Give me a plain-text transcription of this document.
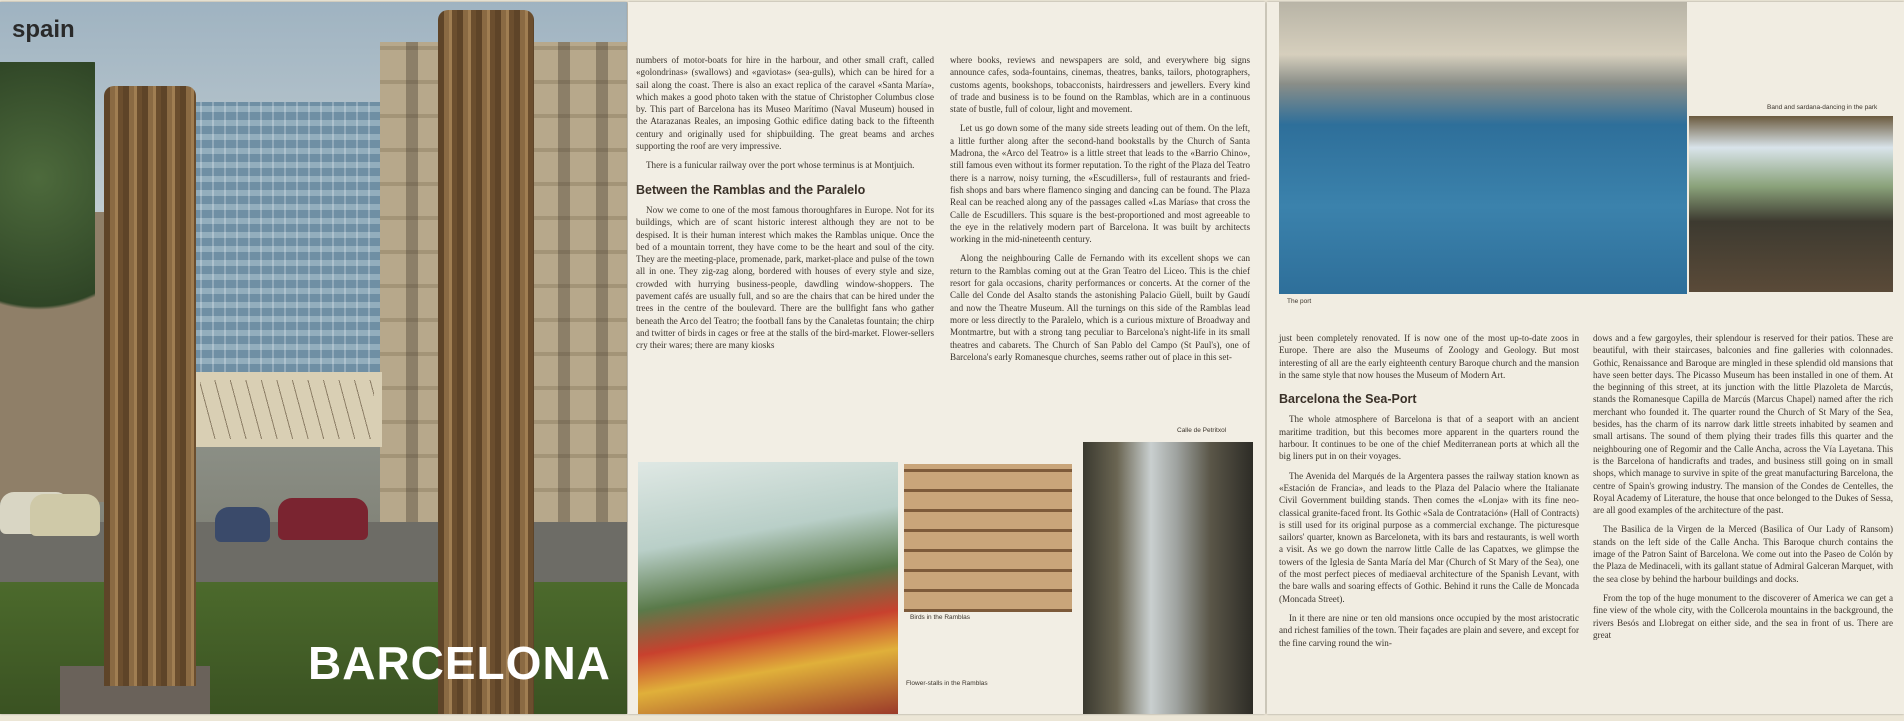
spain
BARCELONA

numbers of motor-boats for hire in the harbour, and other small craft, called «golondrinas» (swallows) and «gaviotas» (sea-gulls), which can be hired for a sail along the coast. There is also an exact replica of the caravel «Santa María», which makes a good photo taken with the statue of Christopher Columbus close by. This part of Barcelona has its Museo Marítimo (Naval Museum) housed in the Atarazanas Reales, an imposing Gothic edifice dating back to the fifteenth century and originally used for shipbuilding. The great beams and arches supporting the roof are very impressive.

There is a funicular railway over the port whose terminus is at Montjuich.

Between the Ramblas and the Paralelo

Now we come to one of the most famous thoroughfares in Europe. Not for its buildings, which are of scant historic interest although they are not to be despised. It is their human interest which makes the Ramblas unique. Once the bed of a mountain torrent, they have come to be the heart and soul of the city. They are the meeting-place, promenade, park, market-place and pulse of the town all in one. They zig-zag along, bordered with houses of every style and size, crowded with hurrying business-people, dawdling window-shoppers. The pavement cafés are usually full, and so are the chairs that can be hired under the trees in the centre of the boulevard. There are the bullfight fans who gather beneath the Arco del Teatro; the football fans by the Canaletas fountain; the chirp and twitter of birds in cages or free at the stalls of the bird-market. Flower-sellers cry their wares; there are many kiosks

where books, reviews and newspapers are sold, and everywhere big signs announce cafes, soda-fountains, cinemas, theatres, banks, tailors, photographers, customs agents, bookshops, tobacconists, hairdressers and jewellers. Every kind of trade and business is to be found on the Ramblas, which are in a continuous state of bustle, full of colour, light and movement.

Let us go down some of the many side streets leading out of them. On the left, a little further along after the second-hand bookstalls by the Church of Santa Madrona, the «Arco del Teatro» is a little street that leads to the «Barrio Chino», still famous even without its former reputation. To the right of the Plaza del Teatro there is a narrow, noisy turning, the «Escudillers», full of restaurants and fried-fish shops and bars where flamenco singing and dancing can be found. The Plaza Real can be reached along any of the passages called «Las Marías» that cross the Calle de Escudillers. This square is the best-proportioned and most agreeable to the eye in the relatively modern part of Barcelona. It was built by architects working in the mid-nineteenth century.

Along the neighbouring Calle de Fernando with its excellent shops we can return to the Ramblas coming out at the Gran Teatro del Liceo. This is the chief resort for gala occasions, charity performances or concerts. At the corner of the Calle del Conde del Asalto stands the astonishing Palacio Güell, built by Gaudí and now the Theatre Museum. All the turnings on this side of the Ramblas lead more or less directly to the Paralelo, which is a curious mixture of Broadway and Montmartre, but with a strong tang peculiar to Barcelona's night-life in its small theatres and cabarets. The Church of San Pablo del Campo (St Paul's), one of Barcelona's early Romanesque churches, seems rather out of place in this set-

Calle de Petritxol
Birds in the Ramblas
Flower-stalls in the Ramblas
The port
Band and sardana-dancing in the park

just been completely renovated. If is now one of the most up-to-date zoos in Europe. There are also the Museums of Zoology and Geology. But most interesting of all are the early eighteenth century Baroque church and the mansion in the same style that now houses the Museum of Modern Art.

Barcelona the Sea-Port

The whole atmosphere of Barcelona is that of a seaport with an ancient maritime tradition, but this becomes more apparent in the quarters round the harbour. It continues to be one of the chief Mediterranean ports at which all the big liners put in on their voyages.

The Avenida del Marqués de la Argentera passes the railway station known as «Estación de Francia», and leads to the Plaza del Palacio where the Italianate Civil Government building stands. Then comes the «Lonja» with its fine neo-classical granite-faced front. Its Gothic «Sala de Contratación» (Hall of Contracts) is still used for its original purpose as a commercial exchange. The picturesque sailors' quarter, known as Barceloneta, with its bars and restaurants, is well worth a visit. As we go down the narrow little Calle de las Capatxes, we glimpse the towers of the Iglesia de Santa María del Mar (Church of St Mary of the Sea), one of the most perfect pieces of mediaeval architecture of the Spanish Levant, with the bare walls and soaring effects of Gothic. Behind it runs the Calle de Moncada (Moncada Street).

In it there are nine or ten old mansions once occupied by the most aristocratic and richest families of the town. Their façades are plain and severe, and except for the fine carving round the win-

dows and a few gargoyles, their splendour is reserved for their patios. These are beautiful, with their staircases, balconies and fine galleries with colonnades. Gothic, Renaissance and Baroque are mingled in these splendid old mansions that have seen better days. The Picasso Museum has been installed in one of them. At the beginning of this street, at its junction with the little Plazoleta de Marcús, stands the Romanesque Capilla de Marcús (Marcus Chapel) named after the rich merchant who founded it. The quarter round the Church of St Mary of the Sea, besides, has the charm of its narrow dark little streets inhabited by seamen and small artisans. The sound of them plying their trades fills this quarter and the neighbouring one of Regomir and the Calle Ancha, across the Vía Layetana. This is the Barcelona of handicrafts and trades, and business still going on in small shops, which manage to survive in spite of the great manufacturing Barcelona, the centre of Spain's growing industry. The mansion of the Condes de Centelles, the Royal Academy of Literature, the house that once belonged to the Dukes of Sessa, are all good examples of the architecture of the past.

The Basilica de la Virgen de la Merced (Basilica of Our Lady of Ransom) stands on the left side of the Calle Ancha. This Baroque church contains the image of the Patron Saint of Barcelona. We come out into the Paseo de Colón by the Plaza de Medinaceli, with its gallant statue of Admiral Galceran Marquet, with the sea close by behind the harbour buildings and docks.

From the top of the huge monument to the discoverer of America we can get a fine view of the whole city, with the Collcerola mountains in the background, the rivers Besós and Llobregat on either side, and the sea in front of us. There are great
